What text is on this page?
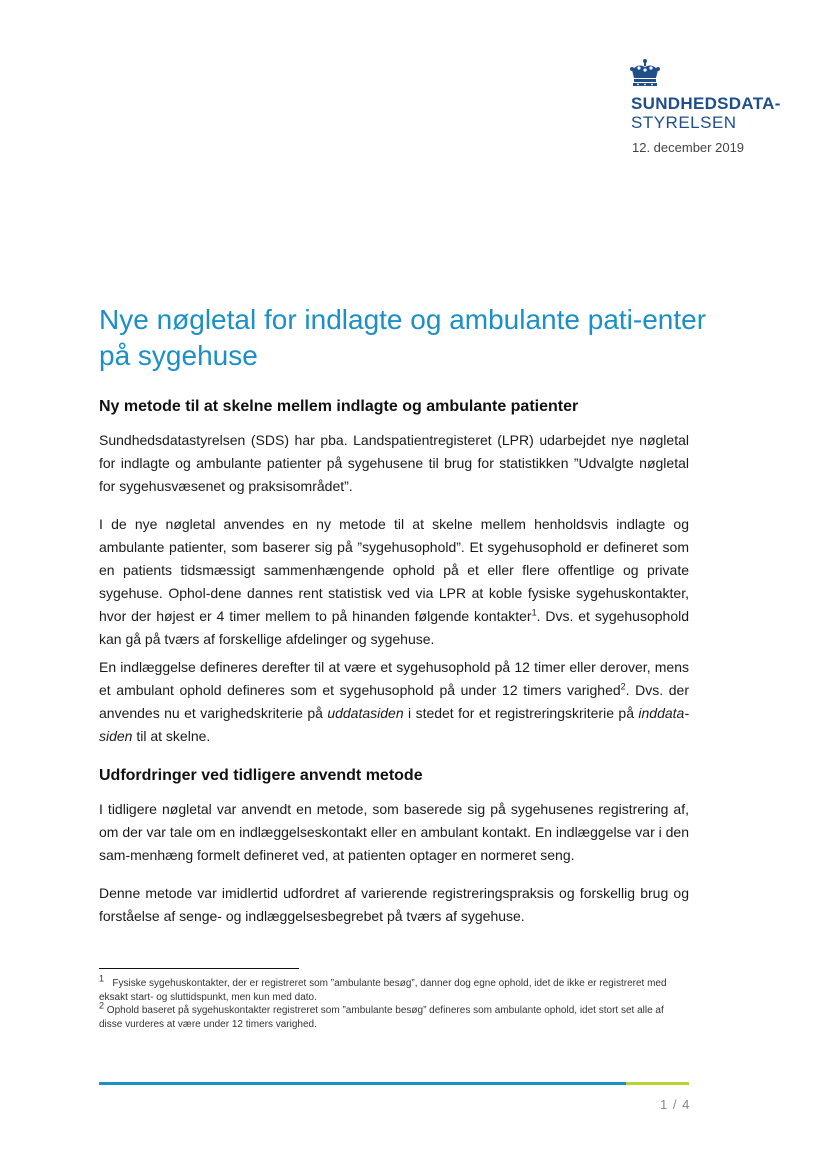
SUNDHEDSDATA-
STYRELSEN
12. december 2019
Nye nøgletal for indlagte og ambulante pati-enter på sygehuse
Ny metode til at skelne mellem indlagte og ambulante patienter

Sundhedsdatastyrelsen (SDS) har pba. Landspatientregisteret (LPR) udarbejdet nye nøgletal for indlagte og ambulante patienter på sygehusene til brug for statistikken ”Udvalgte nøgletal for sygehusvæsenet og praksisområdet”.

I de nye nøgletal anvendes en ny metode til at skelne mellem henholdsvis indlagte og ambulante patienter, som baserer sig på ”sygehusophold”. Et sygehusophold er defineret som en patients tidsmæssigt sammenhængende ophold på et eller flere offentlige og private sygehuse. Ophol-dene dannes rent statistisk ved via LPR at koble fysiske sygehuskontakter, hvor der højest er 4 timer mellem to på hinanden følgende kontakter$^1$. Dvs. et sygehusophold kan gå på tværs af forskellige afdelinger og sygehuse.

En indlæggelse defineres derefter til at være et sygehusophold på 12 timer eller derover, mens et ambulant ophold defineres som et sygehusophold på under 12 timers varighed$^2$. Dvs. der anvendes nu et varighedskriterie på uddatasiden i stedet for et registreringskriterie på inddata-siden til at skelne.

Udfordringer ved tidligere anvendt metode

I tidligere nøgletal var anvendt en metode, som baserede sig på sygehusenes registrering af, om der var tale om en indlæggelseskontakt eller en ambulant kontakt. En indlæggelse var i den sam-menhæng formelt defineret ved, at patienten optager en normeret seng.

Denne metode var imidlertid udfordret af varierende registreringspraksis og forskellig brug og forståelse af senge- og indlæggelsesbegrebet på tværs af sygehuse.

$^1$ Fysiske sygehuskontakter, der er registreret som ”ambulante besøg”, danner dog egne ophold, idet de ikke er registreret med eksakt start- og sluttidspunkt, men kun med dato.

$^2$ Ophold baseret på sygehuskontakter registreret som ”ambulante besøg” defineres som ambulante ophold, idet stort set alle af disse vurderes at være under 12 timers varighed.

1 / 4
